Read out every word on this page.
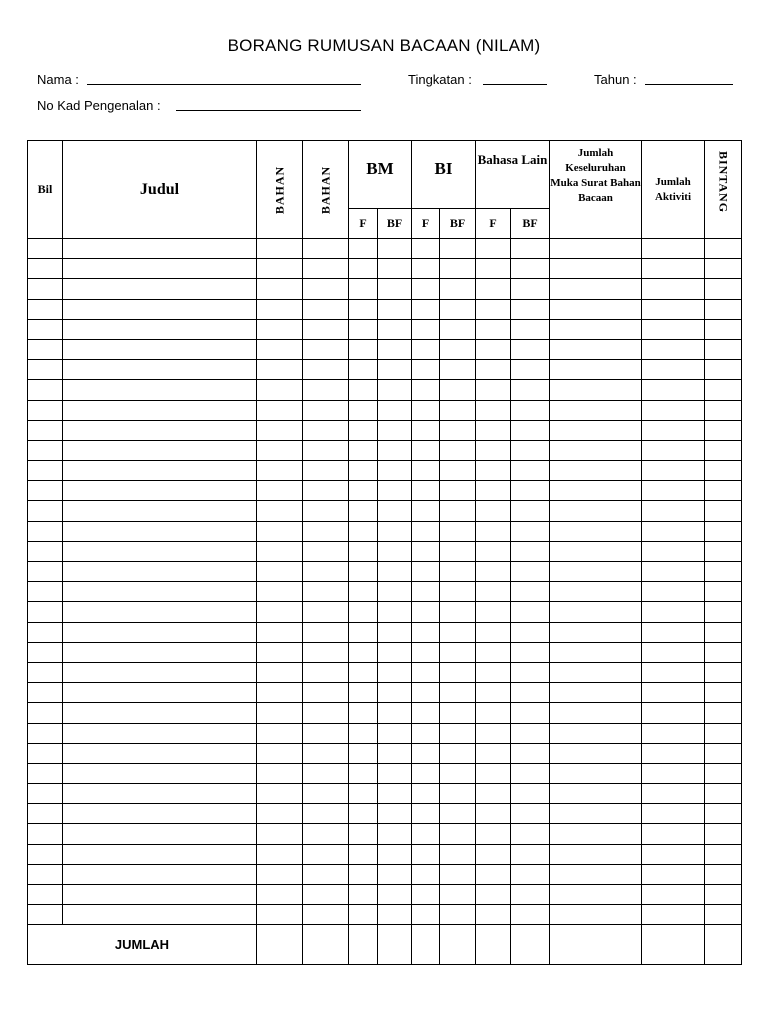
BORANG RUMUSAN BACAAN (NILAM)
Nama :	Tingkatan :	Tahun :
No Kad Pengenalan :
Bil	Judul	BAHAN	BAHAN	BM		BI		Bahasa Lain		Jumlah Keseluruhan Muka Surat Bahan Bacaan	Jumlah Aktiviti	BINTANG

				F	BF	F	BF	F	BF			

JUMLAH												
